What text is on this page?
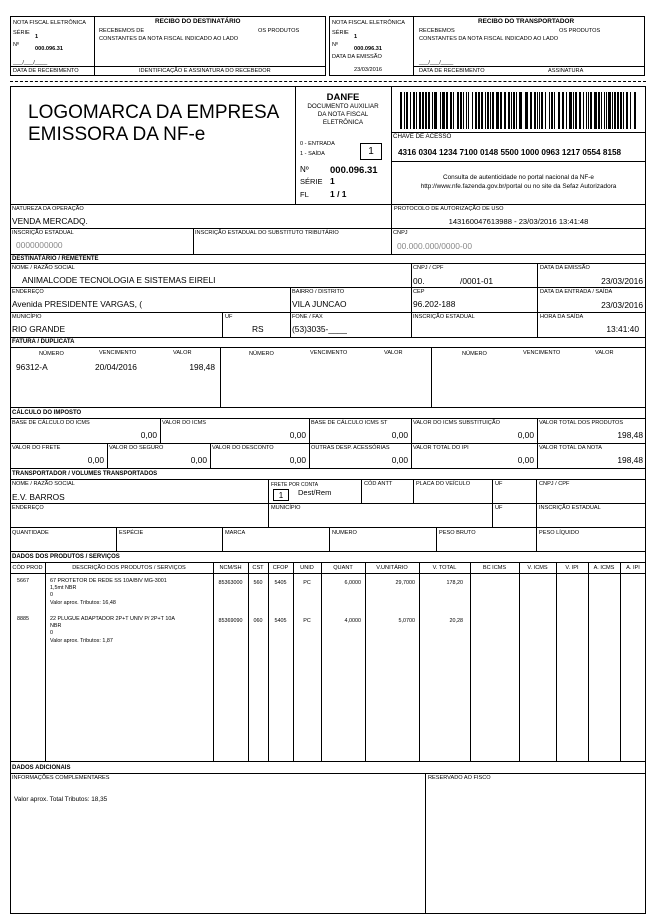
NOTA FISCAL ELETRÔNICA
SÉRIE
1
Nº
000.096.31
___/___/____
DATA DE RECEBIMENTO
RECIBO DO DESTINATÁRIO
RECEBEMOS DE	OS PRODUTOS
CONSTANTES DA NOTA FISCAL INDICADO AO LADO
IDENTIFICAÇÃO E ASSINATURA DO RECEBEDOR
NOTA FISCAL ELETRÔNICA
SÉRIE
1
Nº
000.096.31
DATA DA EMISSÃO
23/03/2016
RECIBO DO TRANSPORTADOR
RECEBEMOS	OS PRODUTOS
CONSTANTES DA NOTA FISCAL INDICADO AO LADO
___/___/____
DATA DE RECEBIMENTO	ASSINATURA
LOGOMARCA DA EMPRESA
EMISSORA DA NF-e
DANFE
DOCUMENTO AUXILIAR
DA NOTA FISCAL
ELETRÔNICA
0 - ENTRADA
1 - SAÍDA	1
Nº 000.096.31
SÉRIE 1
FL 1 / 1
CHAVE DE ACESSO
4316 0304 1234 7100 0148 5500 1000 0963 1217 0554 8158
Consulta de autenticidade no portal nacional da NF-e
http://www.nfe.fazenda.gov.br/portal ou no site da Sefaz Autorizadora
NATUREZA DA OPERAÇÃO
VENDA MERCADQ.
PROTOCOLO DE AUTORIZAÇÃO DE USO
143160047613988 - 23/03/2016 13:41:48
INSCRIÇÃO ESTADUAL
0000000000
INSCRIÇÃO ESTADUAL DO SUBSTITUTO TRIBUTÁRIO	CNPJ
00.000.000/0000-00
DESTINATÁRIO / REMETENTE
NOME / RAZÃO SOCIAL
ANIMALCODE TECNOLOGIA E SISTEMAS EIRELI
CNPJ / CPF
00.	/0001-01
DATA DA EMISSÃO
23/03/2016
ENDEREÇO
Avenida PRESIDENTE VARGAS, (
BAIRRO / DISTRITO
VILA JUNCAO
CEP
96.202-188
DATA DA ENTRADA / SAÍDA
23/03/2016
MUNICÍPIO
RIO GRANDE
UF
RS
FONE / FAX
(53)3035-____
INSCRIÇÃO ESTADUAL	HORA DA SAÍDA
13:41:40
FATURA / DUPLICATA
NÚMERO	VENCIMENTO	VALOR	NÚMERO	VENCIMENTO	VALOR	NÚMERO	VENCIMENTO	VALOR
96312-A	20/04/2016	198,48
CÁLCULO DO IMPOSTO
TRANSPORTADOR / VOLUMES TRANSPORTADOS
NOME / RAZÃO SOCIAL
E.V. BARROS
FRETE POR CONTA
1	Dest/Rem
CÓD ANTT	PLACA DO VEÍCULO	UF	CNPJ / CPF
ENDEREÇO	MUNICÍPIO	UF	INSCRIÇÃO ESTADUAL
QUANTIDADE	ESPÉCIE	MARCA	NUMERO	PESO BRUTO	PESO LÍQUIDO
DADOS DOS PRODUTOS / SERVIÇOS
DADOS ADICIONAIS
INFORMAÇÕES COMPLEMENTARES
Valor aprox. Total Tributos: 18,35
RESERVADO AO FISCO
BASE DE CÁLCULO DO ICMS
0,00
VALOR DO ICMS
0,00
BASE DE CÁLCULO ICMS ST
0,00
VALOR DO ICMS SUBSTITUIÇÃO
0,00
VALOR TOTAL DOS PRODUTOS
198,48
VALOR DO FRETE
0,00
VALOR DO SEGURO
0,00
VALOR DO DESCONTO
0,00
OUTRAS DESP. ACESSÓRIAS
0,00
VALOR TOTAL DO IPI
0,00
VALOR TOTAL DA NOTA
198,48
CÓD PROD	DESCRIÇÃO DOS PRODUTOS / SERVIÇOS	NCM/SH	CST	CFOP	UNID	QUANT	V.UNITÁRIO	V. TOTAL	BC ICMS	V. ICMS	V. IPI	A. ICMS	A. IPI
5667	67 PROTETOR DE REDE SS 10A/BIV MG-3001
1,5mt NBR
0
Valor aprox. Tributos: 16,48
85363000	560	5405	PC	6,0000	29,7000	178,20
8885	22 PLUGUE ADAPTADOR 2P+T UNIV P/ 2P+T 10A
NBR
0
Valor aprox. Tributos: 1,87
85369090	060	5405	PC	4,0000	5,0700	20,28
